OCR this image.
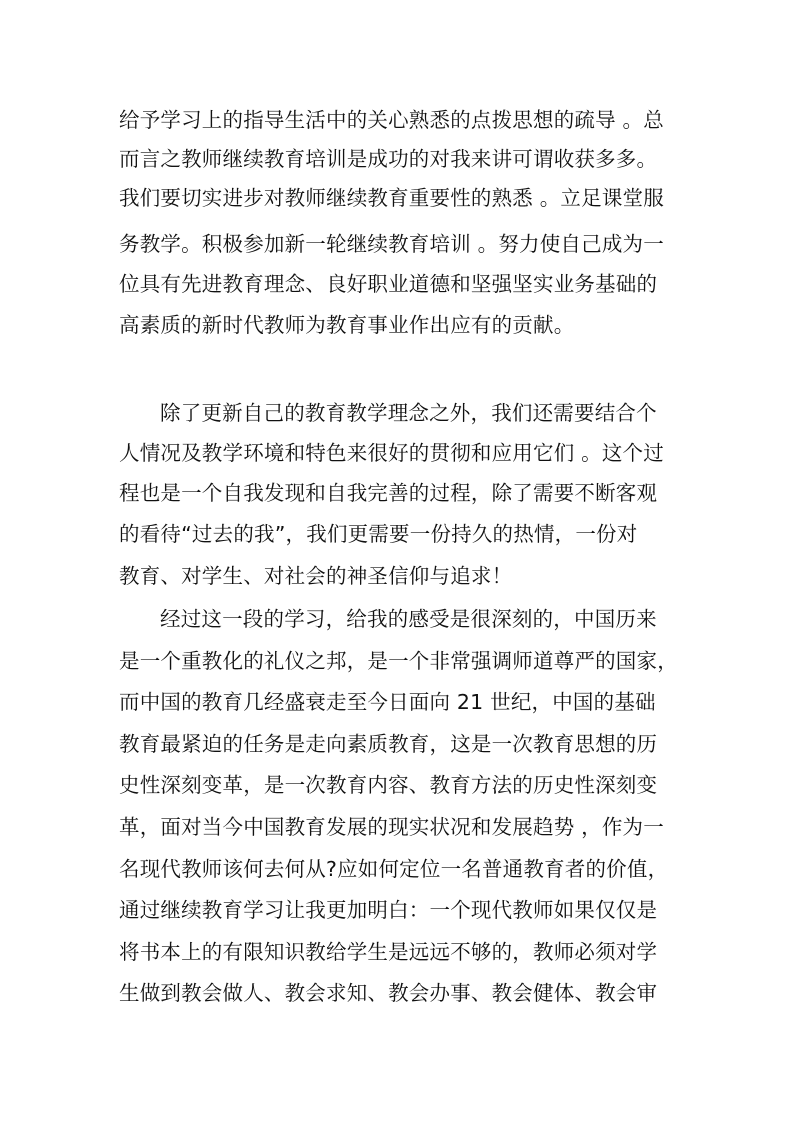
给予学习上的指导生活中的关心熟悉的点拨思想的疏导 。总
而言之教师继续教育培训是成功的对我来讲可谓收获多多。
我们要切实进步对教师继续教育重要性的熟悉 。立足课堂服
务教学。积极参加新一轮继续教育培训 。努力使自己成为一
位具有先进教育理念、良好职业道德和坚强坚实业务基础的
高素质的新时代教师为教育事业作出应有的贡献。
除了更新自己的教育教学理念之外，我们还需要结合个
人情况及教学环境和特色来很好的贯彻和应用它们 。这个过
程也是一个自我发现和自我完善的过程，除了需要不断客观
的看待“过去的我”，我们更需要一份持久的热情，一份对
教育、对学生、对社会的神圣信仰与追求！
经过这一段的学习，给我的感受是很深刻的，中国历来
是一个重教化的礼仪之邦，是一个非常强调师道尊严的国家，
而中国的教育几经盛衰走至今日面向 21 世纪，中国的基础
教育最紧迫的任务是走向素质教育，这是一次教育思想的历
史性深刻变革，是一次教育内容、教育方法的历史性深刻变
革，面对当今中国教育发展的现实状况和发展趋势 ，作为一
名现代教师该何去何从?应如何定位一名普通教育者的价值，
通过继续教育学习让我更加明白：一个现代教师如果仅仅是
将书本上的有限知识教给学生是远远不够的，教师必须对学
生做到教会做人、教会求知、教会办事、教会健体、教会审
